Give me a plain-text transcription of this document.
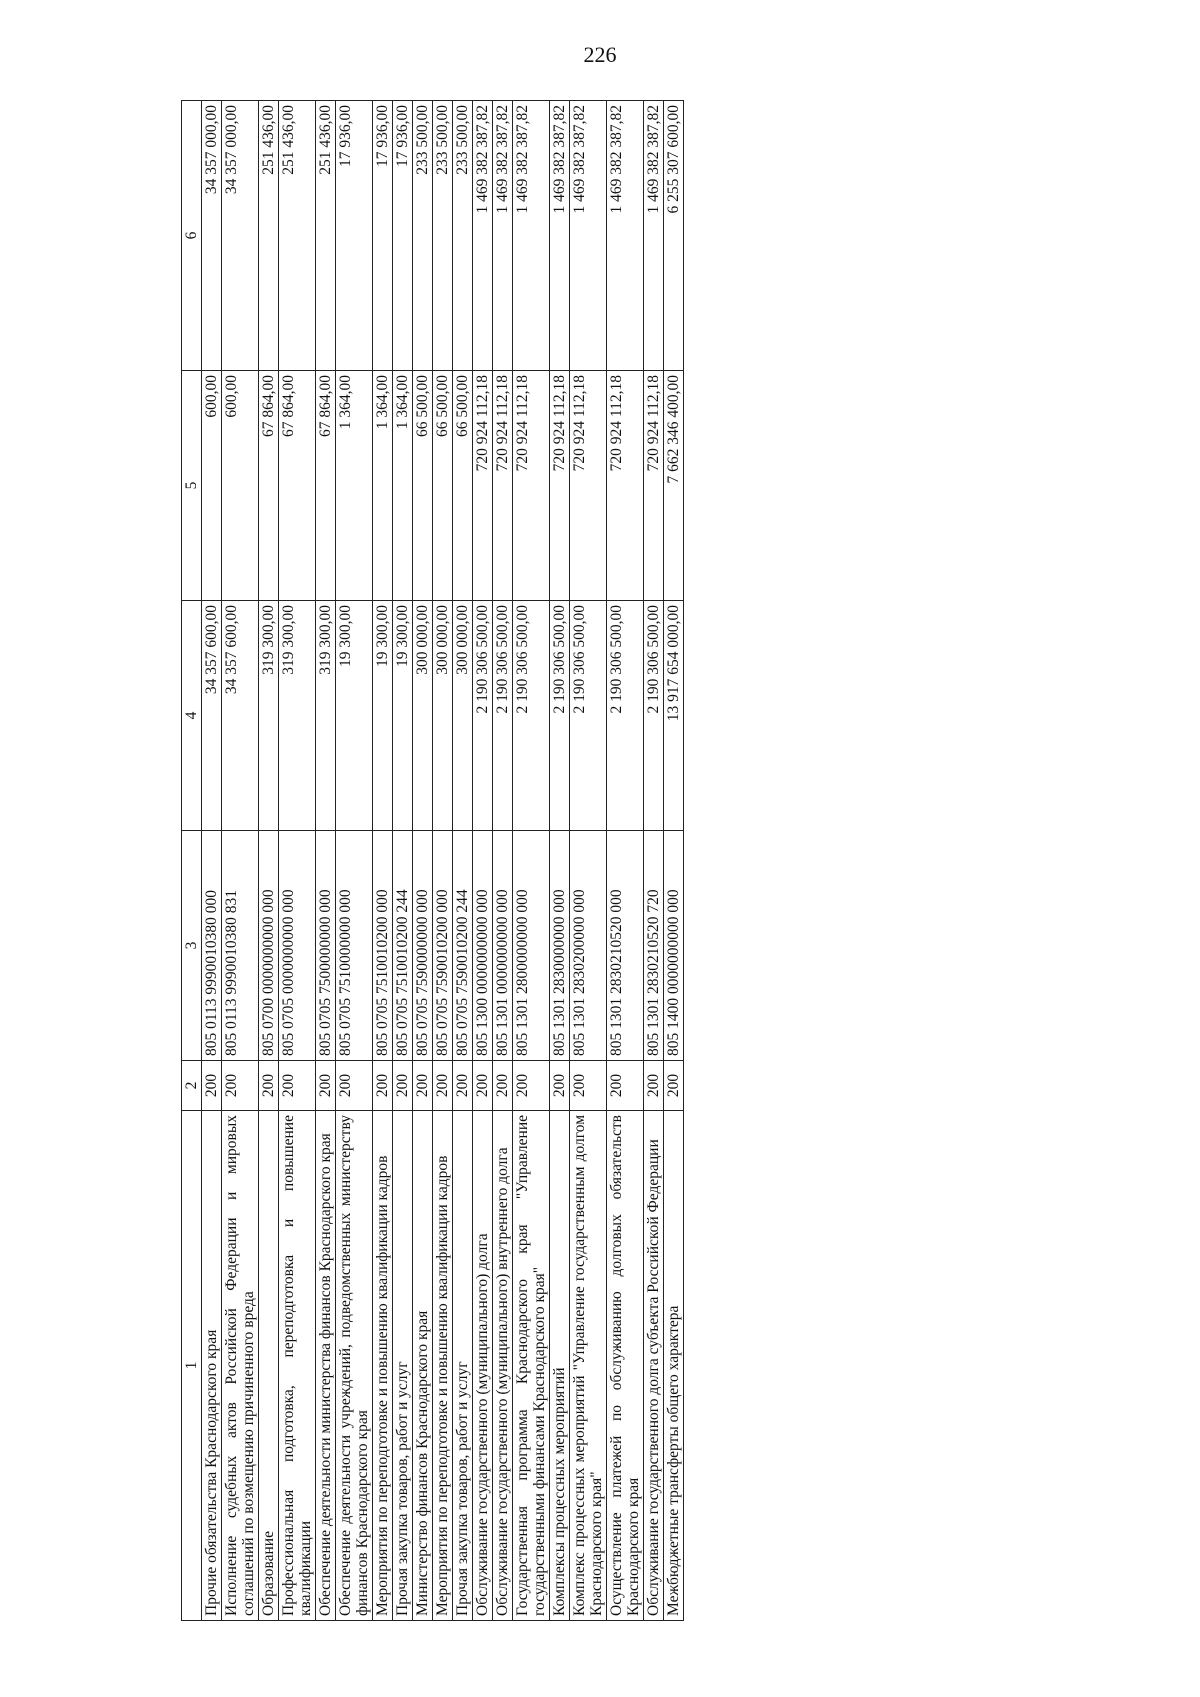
226
1	2	3	4	5	6
Прочие обязательства Краснодарского края	200	805 0113 9990010380 000	34 357 600,00	600,00	34 357 000,00
Исполнение судебных актов Российской Федерации и мировых соглашений по возмещению причиненного вреда	200	805 0113 9990010380 831	34 357 600,00	600,00	34 357 000,00
Образование	200	805 0700 0000000000 000	319 300,00	67 864,00	251 436,00
Профессиональная подготовка, переподготовка и повышение квалификации	200	805 0705 0000000000 000	319 300,00	67 864,00	251 436,00
Обеспечение деятельности министерства финансов Краснодарского края	200	805 0705 7500000000 000	319 300,00	67 864,00	251 436,00
Обеспечение деятельности учреждений, подведомственных министерству финансов Краснодарского края	200	805 0705 7510000000 000	19 300,00	1 364,00	17 936,00
Мероприятия по переподготовке и повышению квалификации кадров	200	805 0705 7510010200 000	19 300,00	1 364,00	17 936,00
Прочая закупка товаров, работ и услуг	200	805 0705 7510010200 244	19 300,00	1 364,00	17 936,00
Министерство финансов Краснодарского края	200	805 0705 7590000000 000	300 000,00	66 500,00	233 500,00
Мероприятия по переподготовке и повышению квалификации кадров	200	805 0705 7590010200 000	300 000,00	66 500,00	233 500,00
Прочая закупка товаров, работ и услуг	200	805 0705 7590010200 244	300 000,00	66 500,00	233 500,00
Обслуживание государственного (муниципального) долга	200	805 1300 0000000000 000	2 190 306 500,00	720 924 112,18	1 469 382 387,82
Обслуживание государственного (муниципального) внутреннего долга	200	805 1301 0000000000 000	2 190 306 500,00	720 924 112,18	1 469 382 387,82
Государственная программа Краснодарского края "Управление государственными финансами Краснодарского края"	200	805 1301 2800000000 000	2 190 306 500,00	720 924 112,18	1 469 382 387,82
Комплексы процессных мероприятий	200	805 1301 2830000000 000	2 190 306 500,00	720 924 112,18	1 469 382 387,82
Комплекс процессных мероприятий "Управление государственным долгом Краснодарского края"	200	805 1301 2830200000 000	2 190 306 500,00	720 924 112,18	1 469 382 387,82
Осуществление платежей по обслуживанию долговых обязательств Краснодарского края	200	805 1301 2830210520 000	2 190 306 500,00	720 924 112,18	1 469 382 387,82
Обслуживание государственного долга субъекта Российской Федерации	200	805 1301 2830210520 720	2 190 306 500,00	720 924 112,18	1 469 382 387,82
Межбюджетные трансферты общего характера	200	805 1400 0000000000 000	13 917 654 000,00	7 662 346 400,00	6 255 307 600,00
